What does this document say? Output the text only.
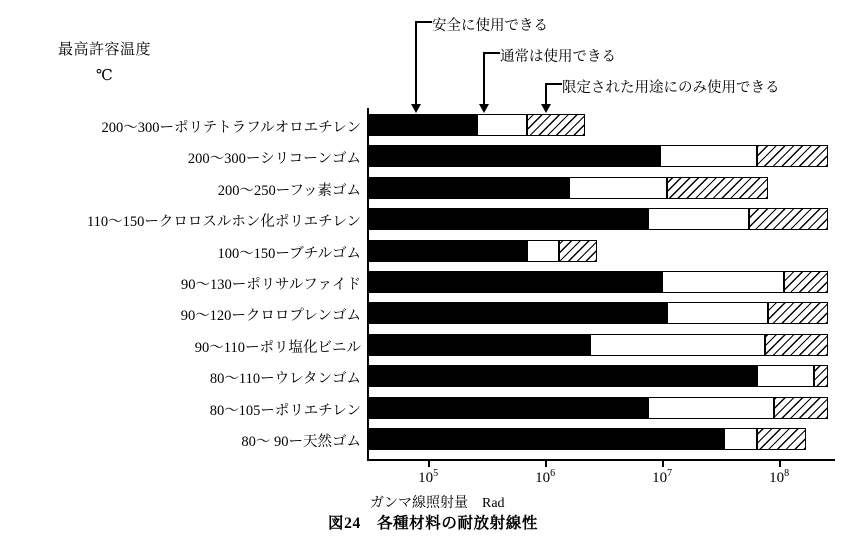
最高許容温度
℃
安全に使用できる
通常は使用できる
限定された用途にのみ使用できる
ガンマ線照射量　Rad
図24　各種材料の耐放射線性
200〜300ーポリテトラフルオロエチレン
200〜300ーシリコーンゴム
200〜250ーフッ素ゴム
110〜150ークロロスルホン化ポリエチレン
100〜150ーブチルゴム
90〜130ーポリサルファイド
90〜120ークロロプレンゴム
90〜110ーポリ塩化ビニル
80〜110ーウレタンゴム
80〜105ーポリエチレン
80〜 90ー天然ゴム
$10^5$	$10^6$	$10^7$	$10^8$
